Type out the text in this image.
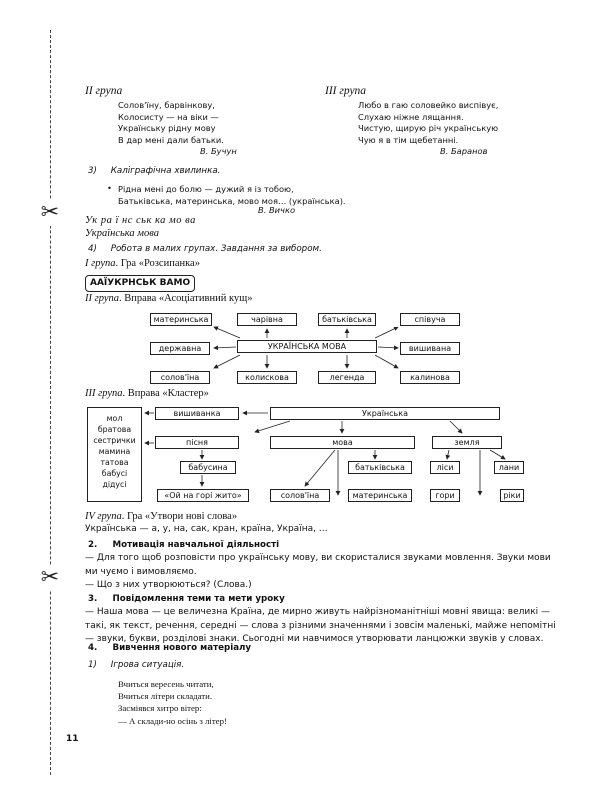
✂
✂
II група
Солов'їну, барвінкову,
Колосисту — на віки —
Українську рідну мову
В дар мені дали батьки.
В. Бучун
III група
Любо в гаю соловейко виспівує,
Слухаю ніжне лящання.
Чистую, щирую річ українськую
Чую я в тім щебетанні.
В. Баранов
3)     Каліграфічна хвилинка.
• Рідна мені до болю — дужий я із тобою,
Батьківська, материнська, мово моя… (українська).
В. Вичко
Ук ра ї нс ськ ка мо ва
Українська мова
4)     Робота в малих групах. Завдання за вибором.
I група. Гра «Розсипанка»
ААЇУКРНСЬК ВАМО
II група. Вправа «Асоціативний кущ»
материнська	чарівна	батьківська	співуча
державна	УКРАЇНСЬКА МОВА	вишивана
солов'їна	колискова	легенда	калинова
III група. Вправа «Кластер»
мол
братова
сестрички
мамина
татова
бабусі
дідусі
вишиванка	Українська
пісня	мова	земля
бабусина	батьківська	ліси	лани
«Ой на горі жито»	солов'їна	материнська	гори	ріки
IV група. Гра «Утвори нові слова»
Українська — а, у, на, сак, кран, країна, Україна, …
2.     Мотивація навчальної діяльності
— Для того щоб розповісти про українську мову, ви скористалися звуками мовлення. Звуки мови ми чуємо і вимовляємо.
— Що з них утворюються? (Слова.)
3.     Повідомлення теми та мети уроку
— Наша мова — це величезна Країна, де мирно живуть найрізноманітніші мовні явища: великі — такі, як текст, речення, середні — слова з різними значеннями і зовсім маленькі, майже непомітні — звуки, букви, розділові знаки. Сьогодні ми навчимося утворювати ланцюжки звуків у словах.
4.     Вивчення нового матеріалу
1)     Ігрова ситуація.
Вчиться вересень читати,
Вчиться літери складати.
Засміявся хитро вітер:
— А склади-но осінь з літер!
11
